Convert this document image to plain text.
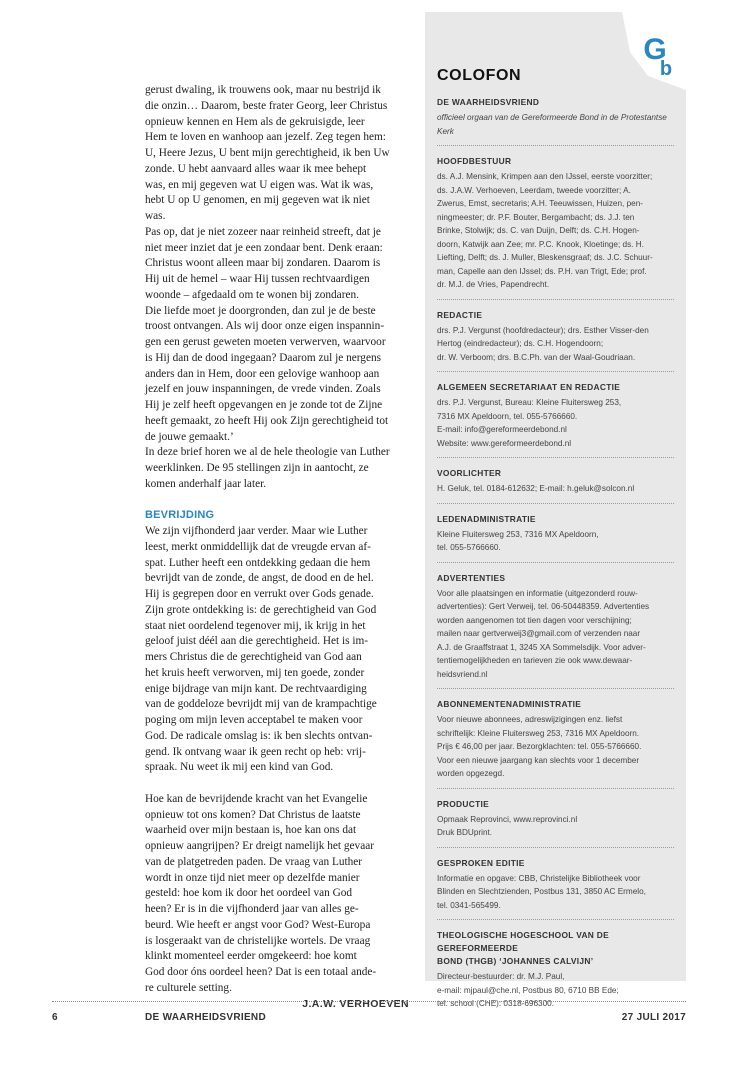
gerust dwaling, ik trouwens ook, maar nu bestrijd ik
die onzin… Daarom, beste frater Georg, leer Christus
opnieuw kennen en Hem als de gekruisigde, leer
Hem te loven en wanhoop aan jezelf. Zeg tegen hem:
U, Heere Jezus, U bent mijn gerechtigheid, ik ben Uw
zonde. U hebt aanvaard alles waar ik mee behept
was, en mij gegeven wat U eigen was. Wat ik was,
hebt U op U genomen, en mij gegeven wat ik niet
was.
Pas op, dat je niet zozeer naar reinheid streeft, dat je
niet meer inziet dat je een zondaar bent. Denk eraan:
Christus woont alleen maar bij zondaren. Daarom is
Hij uit de hemel – waar Hij tussen rechtvaardigen
woonde – afgedaald om te wonen bij zondaren.
Die liefde moet je doorgronden, dan zul je de beste
troost ontvangen. Als wij door onze eigen inspannin-
gen een gerust geweten moeten verwerven, waarvoor
is Hij dan de dood ingegaan? Daarom zul je nergens
anders dan in Hem, door een gelovige wanhoop aan
jezelf en jouw inspanningen, de vrede vinden. Zoals
Hij je zelf heeft opgevangen en je zonde tot de Zijne
heeft gemaakt, zo heeft Hij ook Zijn gerechtigheid tot
de jouwe gemaakt.’
In deze brief horen we al de hele theologie van Luther
weerklinken. De 95 stellingen zijn in aantocht, ze
komen anderhalf jaar later.

BEVRIJDING

We zijn vijfhonderd jaar verder. Maar wie Luther
leest, merkt onmiddellijk dat de vreugde ervan af-
spat. Luther heeft een ontdekking gedaan die hem
bevrijdt van de zonde, de angst, de dood en de hel.
Hij is gegrepen door en verrukt over Gods genade.
Zijn grote ontdekking is: de gerechtigheid van God
staat niet oordelend tegenover mij, ik krijg in het
geloof juist déél aan die gerechtigheid. Het is im-
mers Christus die de gerechtigheid van God aan
het kruis heeft verworven, mij ten goede, zonder
enige bijdrage van mijn kant. De rechtvaardiging
van de goddeloze bevrijdt mij van de krampachtige
poging om mijn leven acceptabel te maken voor
God. De radicale omslag is: ik ben slechts ontvan-
gend. Ik ontvang waar ik geen recht op heb: vrij-
spraak. Nu weet ik mij een kind van God.

Hoe kan de bevrijdende kracht van het Evangelie
opnieuw tot ons komen? Dat Christus de laatste
waarheid over mijn bestaan is, hoe kan ons dat
opnieuw aangrijpen? Er dreigt namelijk het gevaar
van de platgetreden paden. De vraag van Luther
wordt in onze tijd niet meer op dezelfde manier
gesteld: hoe kom ik door het oordeel van God
heen? Er is in die vijfhonderd jaar van alles ge-
beurd. Wie heeft er angst voor God? West-Europa
is losgeraakt van de christelijke wortels. De vraag
klinkt momenteel eerder omgekeerd: hoe komt
God door óns oordeel heen? Dat is een totaal ande-
re culturele setting.

J.A.W. VERHOEVEN
G
b
COLOFON
DE WAARHEIDSVRIEND

officieel orgaan van de Gereformeerde Bond in de Protestantse
Kerk

HOOFDBESTUUR

ds. A.J. Mensink, Krimpen aan den IJssel, eerste voorzitter;
ds. J.A.W. Verhoeven, Leerdam, tweede voorzitter; A.
Zwerus, Emst, secretaris; A.H. Teeuwissen, Huizen, pen-
ningmeester; dr. P.F. Bouter, Bergambacht; ds. J.J. ten
Brinke, Stolwijk; ds. C. van Duijn, Delft; ds. C.H. Hogen-
doorn, Katwijk aan Zee; mr. P.C. Knook, Kloetinge; ds. H.
Liefting, Delft; ds. J. Muller, Bleskensgraaf; ds. J.C. Schuur-
man, Capelle aan den IJssel; ds. P.H. van Trigt, Ede; prof.
dr. M.J. de Vries, Papendrecht.

REDACTIE

drs. P.J. Vergunst (hoofdredacteur); drs. Esther Visser-den
Hertog (eindredacteur); ds. C.H. Hogendoorn;
dr. W. Verboom; drs. B.C.Ph. van der Waal-Goudriaan.

ALGEMEEN SECRETARIAAT EN REDACTIE

drs. P.J. Vergunst, Bureau: Kleine Fluitersweg 253,
7316 MX Apeldoorn, tel. 055-5766660.
E-mail: info@gereformeerdebond.nl
Website: www.gereformeerdebond.nl

VOORLICHTER

H. Geluk, tel. 0184-612632; E-mail: h.geluk@solcon.nl

LEDENADMINISTRATIE

Kleine Fluitersweg 253, 7316 MX Apeldoorn,
tel. 055-5766660.

ADVERTENTIES

Voor alle plaatsingen en informatie (uitgezonderd rouw-
advertenties): Gert Verweij, tel. 06-50448359. Advertenties
worden aangenomen tot tien dagen voor verschijning;
mailen naar gertverweij3@gmail.com of verzenden naar
A.J. de Graaffstraat 1, 3245 XA Sommelsdijk. Voor adver-
tentiemogelijkheden en tarieven zie ook www.dewaar-
heidsvriend.nl

ABONNEMENTENADMINISTRATIE

Voor nieuwe abonnees, adreswijzigingen enz. liefst
schriftelijk: Kleine Fluitersweg 253, 7316 MX Apeldoorn.
Prijs € 46,00 per jaar. Bezorgklachten: tel. 055-5766660.
Voor een nieuwe jaargang kan slechts voor 1 december
worden opgezegd.

PRODUCTIE

Opmaak Reprovinci, www.reprovinci.nl
Druk BDUprint.

GESPROKEN EDITIE

Informatie en opgave: CBB, Christelijke Bibliotheek voor
Blinden en Slechtzienden, Postbus 131, 3850 AC Ermelo,
tel. 0341-565499.

THEOLOGISCHE HOGESCHOOL VAN DE GEREFORMEERDE
BOND (THGB) ‘JOHANNES CALVIJN’

Directeur-bestuurder: dr. M.J. Paul,
e-mail: mjpaul@che.nl, Postbus 80, 6710 BB Ede;
tel. school (CHE): 0318-696300.

6	DE WAARHEIDSVRIEND	27 JULI 2017
